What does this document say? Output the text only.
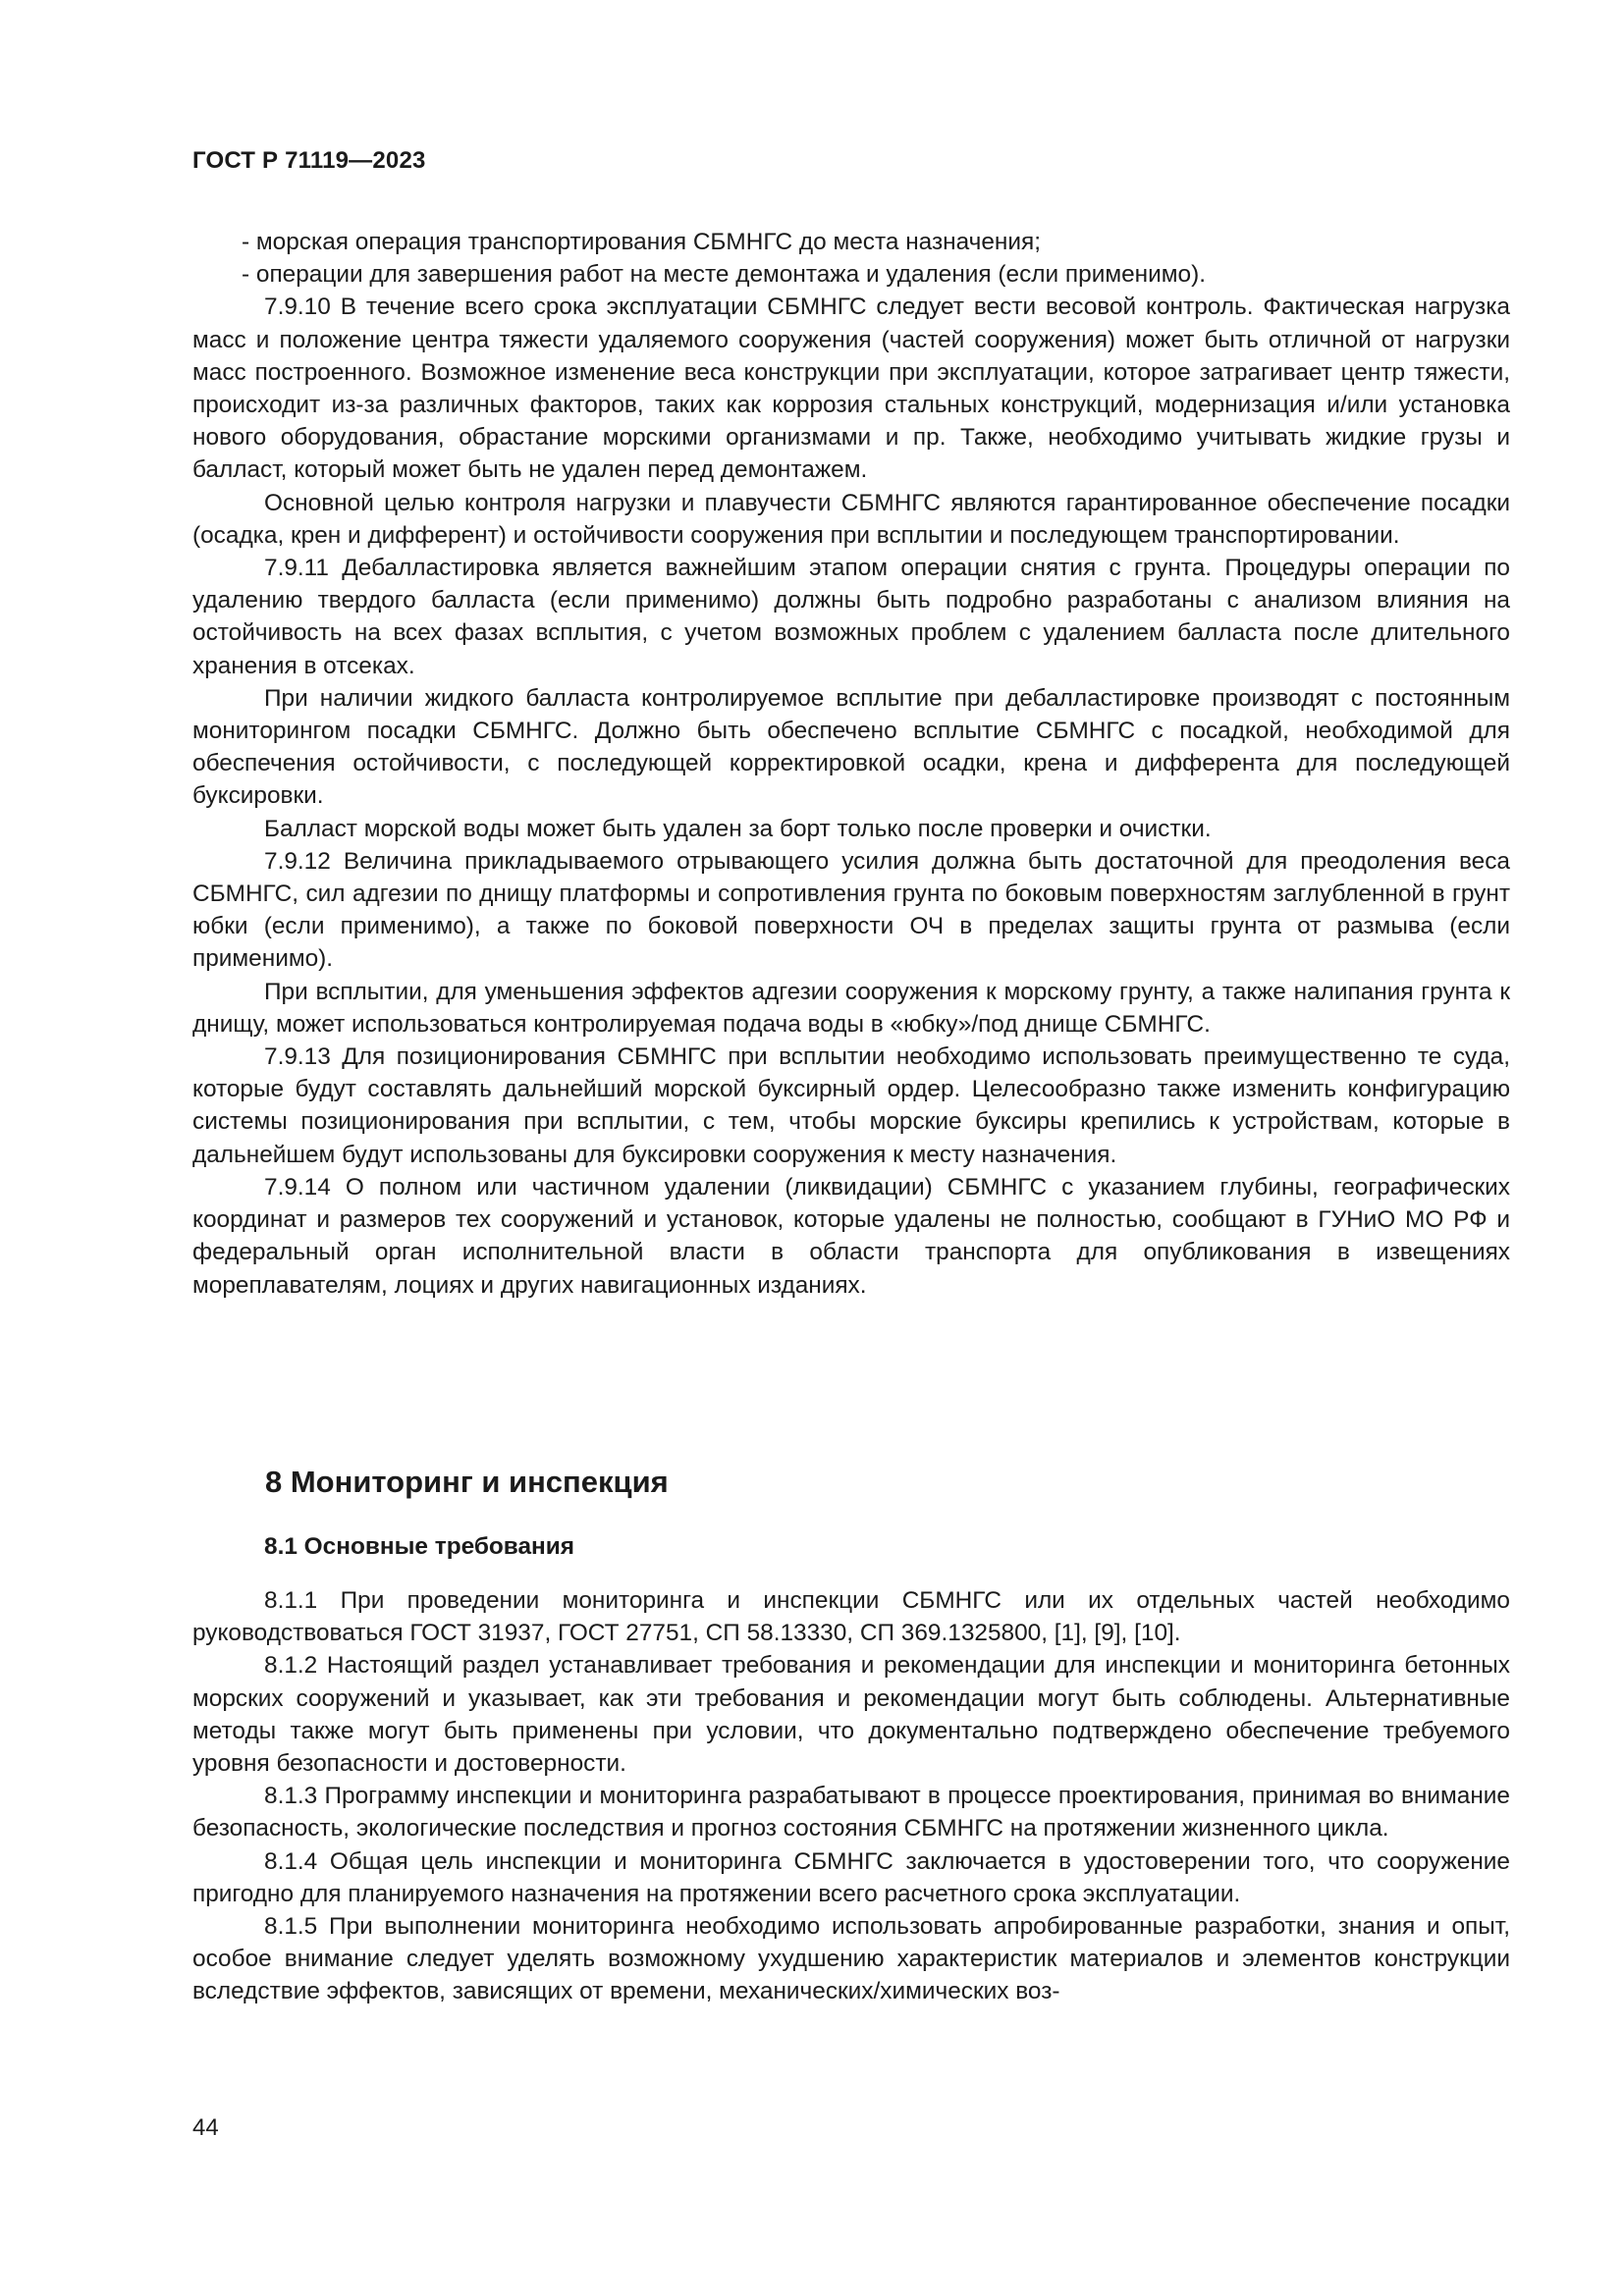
ГОСТ Р 71119—2023

- морская операция транспортирования СБМНГС до места назначения;

- операции для завершения работ на месте демонтажа и удаления (если применимо).

7.9.10 В течение всего срока эксплуатации СБМНГС следует вести весовой контроль. Фактическая нагрузка масс и положение центра тяжести удаляемого сооружения (частей сооружения) может быть отличной от нагрузки масс построенного. Возможное изменение веса конструкции при эксплуатации, которое затрагивает центр тяжести, происходит из-за различных факторов, таких как коррозия стальных конструкций, модернизация и/или установка нового оборудования, обрастание морскими организмами и пр. Также, необходимо учитывать жидкие грузы и балласт, который может быть не удален перед демонтажем.

Основной целью контроля нагрузки и плавучести СБМНГС являются гарантированное обеспечение посадки (осадка, крен и дифферент) и остойчивости сооружения при всплытии и последующем транспортировании.

7.9.11 Дебалластировка является важнейшим этапом операции снятия с грунта. Процедуры операции по удалению твердого балласта (если применимо) должны быть подробно разработаны с анализом влияния на остойчивость на всех фазах всплытия, с учетом возможных проблем с удалением балласта после длительного хранения в отсеках.

При наличии жидкого балласта контролируемое всплытие при дебалластировке производят с постоянным мониторингом посадки СБМНГС. Должно быть обеспечено всплытие СБМНГС с посадкой, необходимой для обеспечения остойчивости, с последующей корректировкой осадки, крена и дифферента для последующей буксировки.

Балласт морской воды может быть удален за борт только после проверки и очистки.

7.9.12 Величина прикладываемого отрывающего усилия должна быть достаточной для преодоления веса СБМНГС, сил адгезии по днищу платформы и сопротивления грунта по боковым поверхностям заглубленной в грунт юбки (если применимо), а также по боковой поверхности ОЧ в пределах защиты грунта от размыва (если применимо).

При всплытии, для уменьшения эффектов адгезии сооружения к морскому грунту, а также налипания грунта к днищу, может использоваться контролируемая подача воды в «юбку»/под днище СБМНГС.

7.9.13 Для позиционирования СБМНГС при всплытии необходимо использовать преимущественно те суда, которые будут составлять дальнейший морской буксирный ордер. Целесообразно также изменить конфигурацию системы позиционирования при всплытии, с тем, чтобы морские буксиры крепились к устройствам, которые в дальнейшем будут использованы для буксировки сооружения к месту назначения.

7.9.14 О полном или частичном удалении (ликвидации) СБМНГС с указанием глубины, географических координат и размеров тех сооружений и установок, которые удалены не полностью, сообщают в ГУНиО МО РФ и федеральный орган исполнительной власти в области транспорта для опубликования в извещениях мореплавателям, лоциях и других навигационных изданиях.

8 Мониторинг и инспекция
8.1 Основные требования

8.1.1 При проведении мониторинга и инспекции СБМНГС или их отдельных частей необходимо руководствоваться ГОСТ 31937, ГОСТ 27751, СП 58.13330, СП 369.1325800, [1], [9], [10].

8.1.2 Настоящий раздел устанавливает требования и рекомендации для инспекции и мониторинга бетонных морских сооружений и указывает, как эти требования и рекомендации могут быть соблюдены. Альтернативные методы также могут быть применены при условии, что документально подтверждено обеспечение требуемого уровня безопасности и достоверности.

8.1.3 Программу инспекции и мониторинга разрабатывают в процессе проектирования, принимая во внимание безопасность, экологические последствия и прогноз состояния СБМНГС на протяжении жизненного цикла.

8.1.4 Общая цель инспекции и мониторинга СБМНГС заключается в удостоверении того, что сооружение пригодно для планируемого назначения на протяжении всего расчетного срока эксплуатации.

8.1.5 При выполнении мониторинга необходимо использовать апробированные разработки, знания и опыт, особое внимание следует уделять возможному ухудшению характеристик материалов и элементов конструкции вследствие эффектов, зависящих от времени, механических/химических воз-

44
